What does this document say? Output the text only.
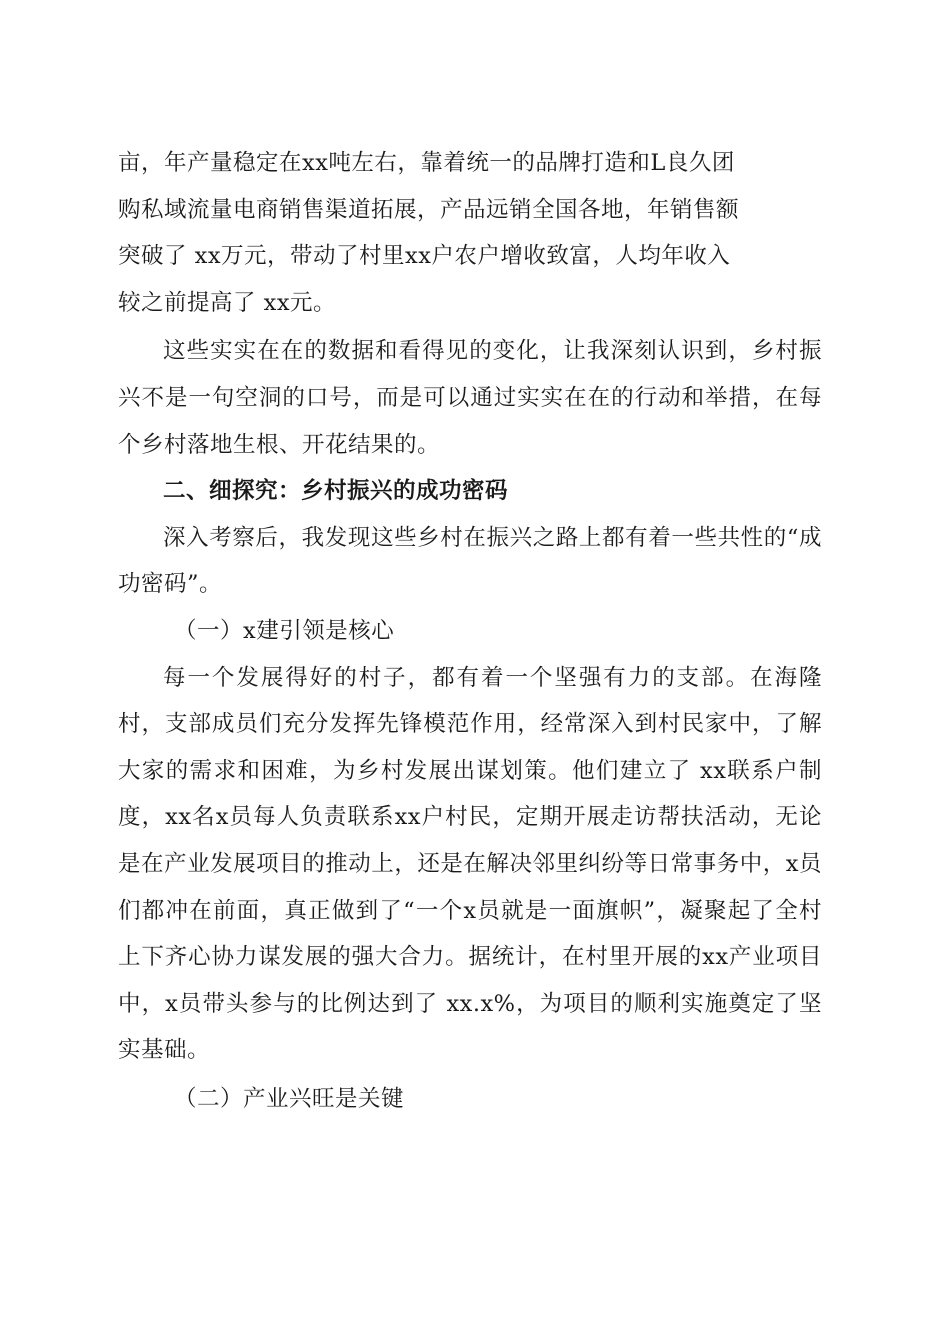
亩，年产量稳定在xx吨左右，靠着统一的品牌打造和L良久团

购私域流量电商销售渠道拓展，产品远销全国各地，年销售额

突破了 xx万元，带动了村里xx户农户增收致富，人均年收入

较之前提高了 xx元。

这些实实在在的数据和看得见的变化，让我深刻认识到，乡村振兴不是一句空洞的口号，而是可以通过实实在在的行动和举措，在每个乡村落地生根、开花结果的。

二、细探究：乡村振兴的成功密码

深入考察后，我发现这些乡村在振兴之路上都有着一些共性的“成功密码”。

（一）x建引领是核心

每一个发展得好的村子，都有着一个坚强有力的支部。在海隆村，支部成员们充分发挥先锋模范作用，经常深入到村民家中，了解大家的需求和困难，为乡村发展出谋划策。他们建立了 xx联系户制度，xx名x员每人负责联系xx户村民，定期开展走访帮扶活动，无论是在产业发展项目的推动上，还是在解决邻里纠纷等日常事务中，x员们都冲在前面，真正做到了“一个x员就是一面旗帜”，凝聚起了全村上下齐心协力谋发展的强大合力。据统计，在村里开展的xx产业项目中，x员带头参与的比例达到了 xx.x%，为项目的顺利实施奠定了坚实基础。

（二）产业兴旺是关键
